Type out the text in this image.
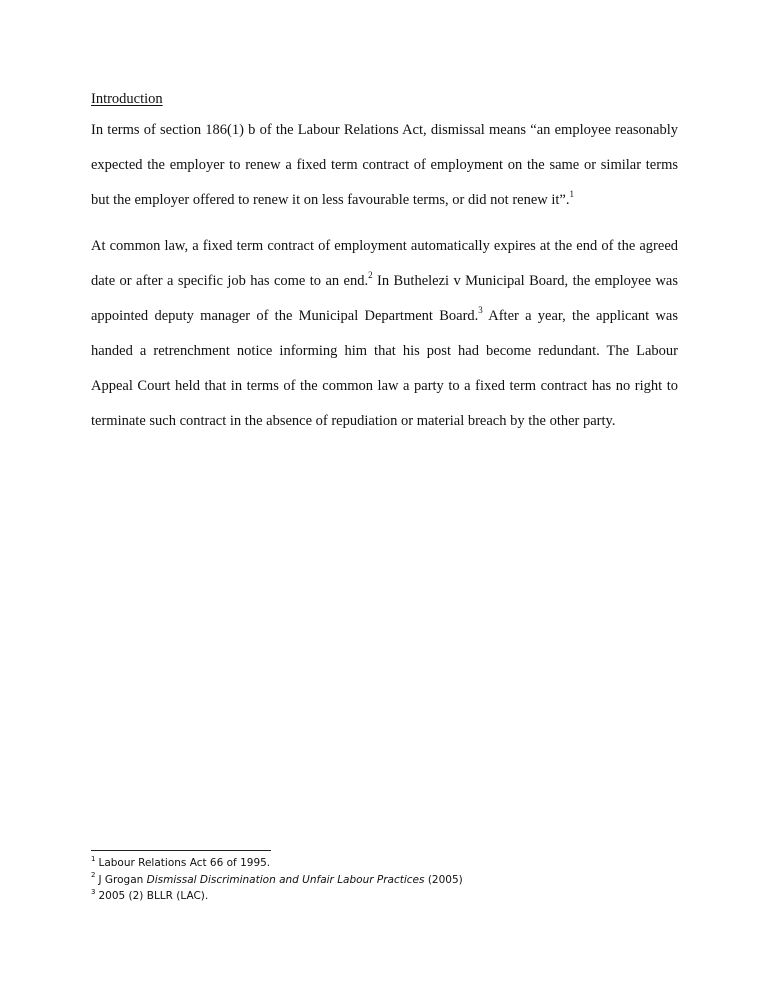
Introduction

In terms of section 186(1) b of the Labour Relations Act, dismissal means “an employee reasonably expected the employer to renew a fixed term contract of employment on the same or similar terms but the employer offered to renew it on less favourable terms, or did not renew it”.$^1$

At common law, a fixed term contract of employment automatically expires at the end of the agreed date or after a specific job has come to an end.$^2$ In Buthelezi v Municipal Board, the employee was appointed deputy manager of the Municipal Department Board.$^3$ After a year, the applicant was handed a retrenchment notice informing him that his post had become redundant. The Labour Appeal Court held that in terms of the common law a party to a fixed term contract has no right to terminate such contract in the absence of repudiation or material breach by the other party.

$^1$ Labour Relations Act 66 of 1995.
$^2$ J Grogan Dismissal Discrimination and Unfair Labour Practices (2005)
$^3$ 2005 (2) BLLR (LAC).
